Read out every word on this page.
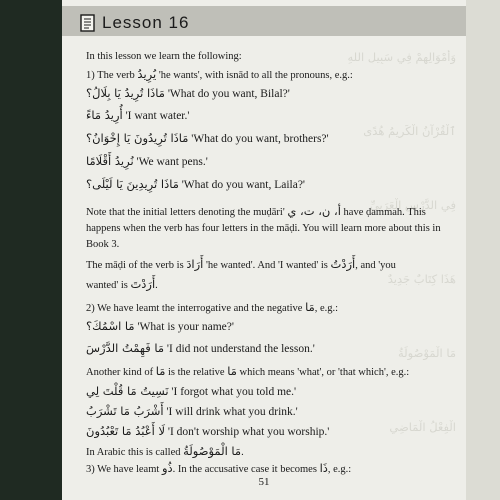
Lesson 16
وَأَمْوَالِهِمْ فِي سَبِيلِ اللهِ
ٱلْقُرْآنُ الْكَرِيمُ هُدًى
فِي الدَّرْسِ الْعَرَبِيِّ
هَذَا كِتَابٌ جَدِيدٌ
مَا الْمَوْصُولَةُ
الْفِعْلُ الْمَاضِي
In this lesson we learn the following:
1) The verb يُرِيدُ 'he wants', with isnād to all the pronouns, e.g.:
مَاذَا تُرِيدُ يَا بِلَالُ؟ 'What do you want, Bilal?'
أُرِيدُ مَاءً 'I want water.'
مَاذَا تُرِيدُونَ يَا إِخْوَانُ؟ 'What do you want, brothers?'
نُرِيدُ أَقْلَامًا 'We want pens.'
مَاذَا تُرِيدِينَ يَا لَيْلَى؟ 'What do you want, Laila?'
Note that the initial letters denoting the muḍāri' أ، ن، ت، ي have ḍammah. This
happens when the verb has four letters in the māḍi. You will learn more about this in
Book 3.
The māḍi of the verb is أَرَادَ 'he wanted'. And 'I wanted' is أَرَدْتُ, and 'you
wanted' is أَرَدْتَ.
2) We have leamt the interrogative and the negative مَا, e.g.:
مَا اسْمُكَ؟ 'What is your name?'
مَا فَهِمْتُ الدَّرْسَ 'I did not understand the lesson.'
Another kind of مَا is the relative مَا which means 'what', or 'that which', e.g.:
نَسِيتُ مَا قُلْتَ لِي 'I forgot what you told me.'
أَشْرَبُ مَا تَشْرَبُ 'I will drink what you drink.'
لَا أَعْبُدُ مَا تَعْبُدُونَ 'I don't worship what you worship.'
In Arabic this is called مَا الْمَوْصُولَةُ.
3) We have leamt ذُو. In the accusative case it becomes ذَا, e.g.:
51
